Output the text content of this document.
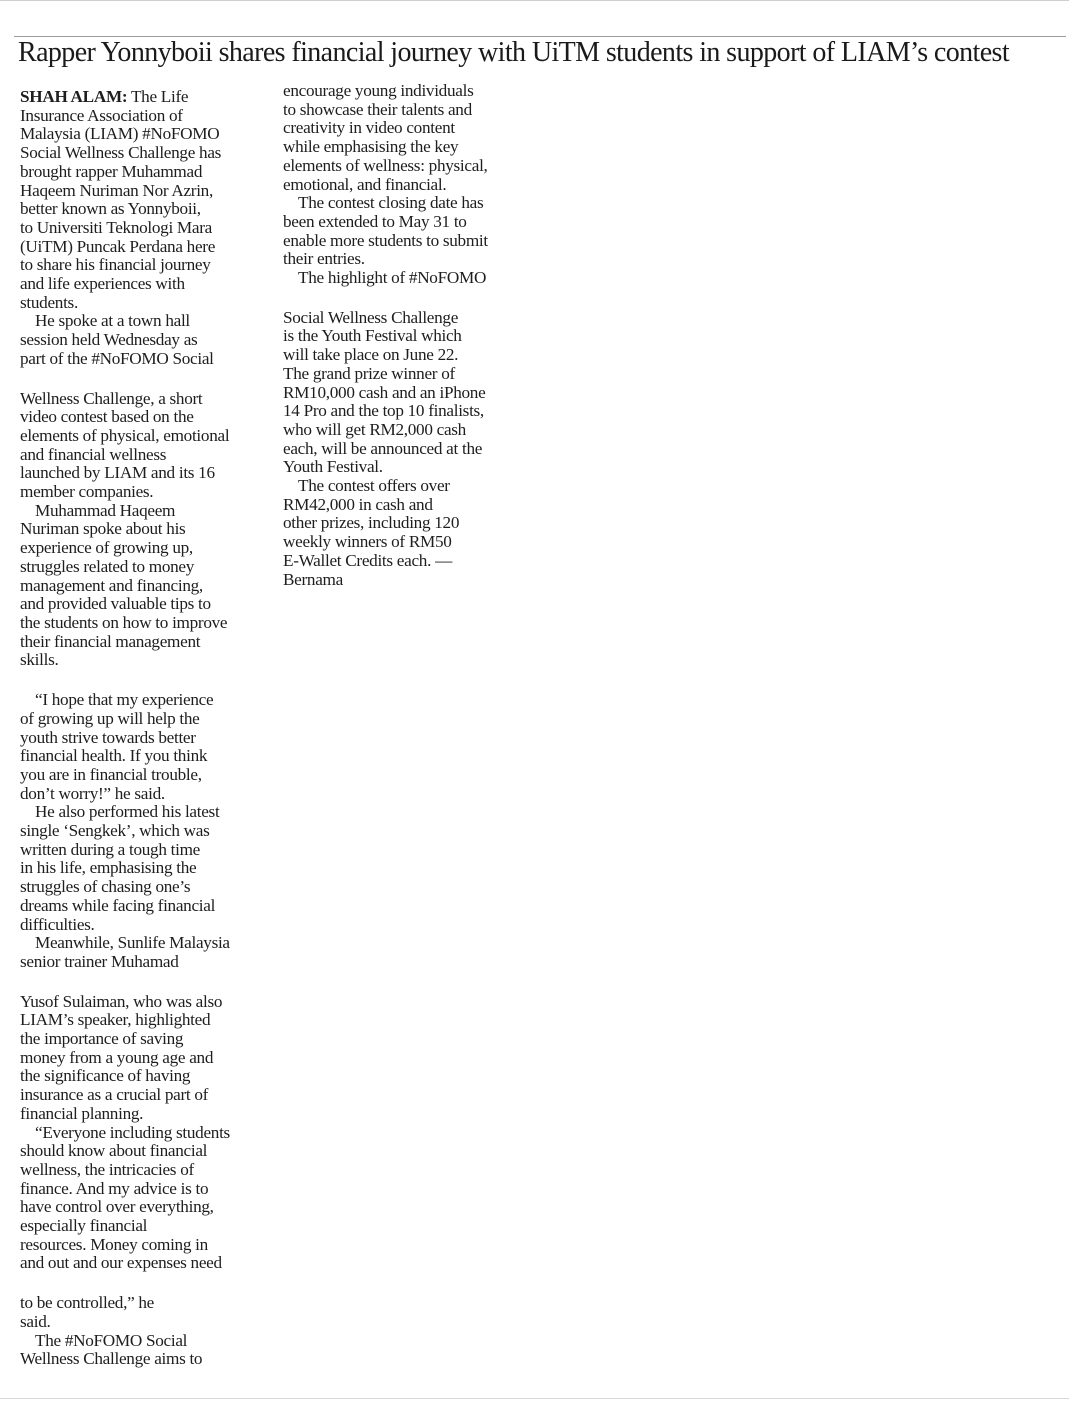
Rapper Yonnyboii shares financial journey with UiTM students in support of LIAM’s contest

SHAH ALAM: The Life
Insurance Association of
Malaysia (LIAM) #NoFOMO
Social Wellness Challenge has
brought rapper Muhammad
Haqeem Nuriman Nor Azrin,
better known as Yonnyboii,
to Universiti Teknologi Mara
(UiTM) Puncak Perdana here
to share his financial journey
and life experiences with
students.

He spoke at a town hall
session held Wednesday as
part of the #NoFOMO Social

Wellness Challenge, a short
video contest based on the
elements of physical, emotional
and financial wellness
launched by LIAM and its 16
member companies.

Muhammad Haqeem
Nuriman spoke about his
experience of growing up,
struggles related to money
management and financing,
and provided valuable tips to
the students on how to improve
their financial management
skills.

“I hope that my experience
of growing up will help the
youth strive towards better
financial health. If you think
you are in financial trouble,
don’t worry!” he said.

He also performed his latest
single ‘Sengkek’, which was
written during a tough time
in his life, emphasising the
struggles of chasing one’s
dreams while facing financial
difficulties.

Meanwhile, Sunlife Malaysia
senior trainer Muhamad

Yusof Sulaiman, who was also
LIAM’s speaker, highlighted
the importance of saving
money from a young age and
the significance of having
insurance as a crucial part of
financial planning.

“Everyone including students
should know about financial
wellness, the intricacies of
finance. And my advice is to
have control over everything,
especially financial
resources. Money coming in
and out and our expenses need

to be controlled,” he
said.

The #NoFOMO Social
Wellness Challenge aims to

encourage young individuals
to showcase their talents and
creativity in video content
while emphasising the key
elements of wellness: physical,
emotional, and financial.

The contest closing date has
been extended to May 31 to
enable more students to submit
their entries.

The highlight of #NoFOMO

Social Wellness Challenge
is the Youth Festival which
will take place on June 22.
The grand prize winner of
RM10,000 cash and an iPhone
14 Pro and the top 10 finalists,
who will get RM2,000 cash
each, will be announced at the
Youth Festival.

The contest offers over
RM42,000 in cash and
other prizes, including 120
weekly winners of RM50
E-Wallet Credits each. —
Bernama
